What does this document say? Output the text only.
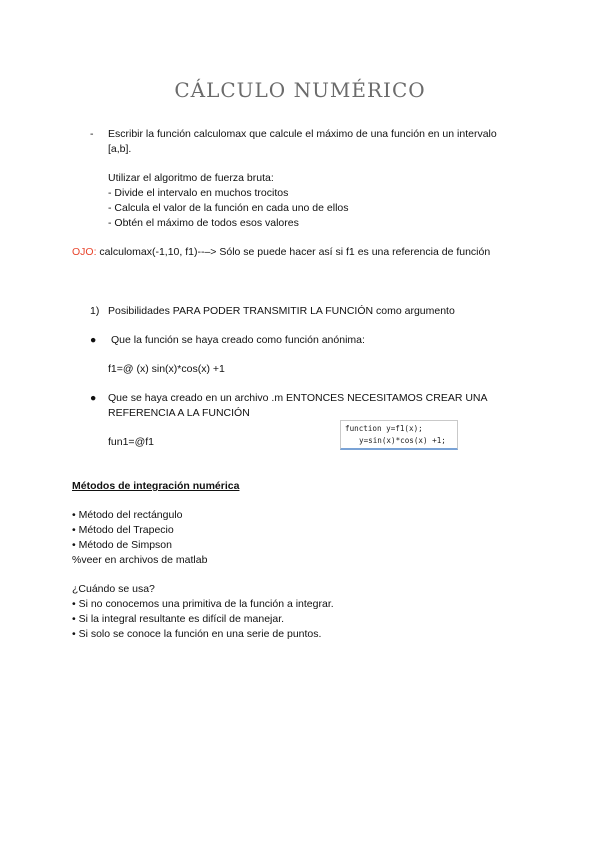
CÁLCULO NUMÉRICO
- Escribir la función calculomax que calcule el máximo de una función en un intervalo
[a,b].
Utilizar el algoritmo de fuerza bruta:
- Divide el intervalo en muchos trocitos
- Calcula el valor de la función en cada uno de ellos
- Obtén el máximo de todos esos valores
OJO: calculomax(-1,10, f1)--–> Sólo se puede hacer así si f1 es una referencia de función
1) Posibilidades PARA PODER TRANSMITIR LA FUNCIÓN como argumento
● Que la función se haya creado como función anónima:
f1=@ (x) sin(x)*cos(x) +1
● Que se haya creado en un archivo .m ENTONCES NECESITAMOS CREAR UNA
REFERENCIA A LA FUNCIÓN
fun1=@f1
function y=f1(x);
y=sin(x)*cos(x) +1;
Métodos de integración numérica
• Método del rectángulo
• Método del Trapecio
• Método de Simpson
%veer en archivos de matlab
¿Cuándo se usa?
• Si no conocemos una primitiva de la función a integrar.
• Si la integral resultante es difícil de manejar.
• Si solo se conoce la función en una serie de puntos.
